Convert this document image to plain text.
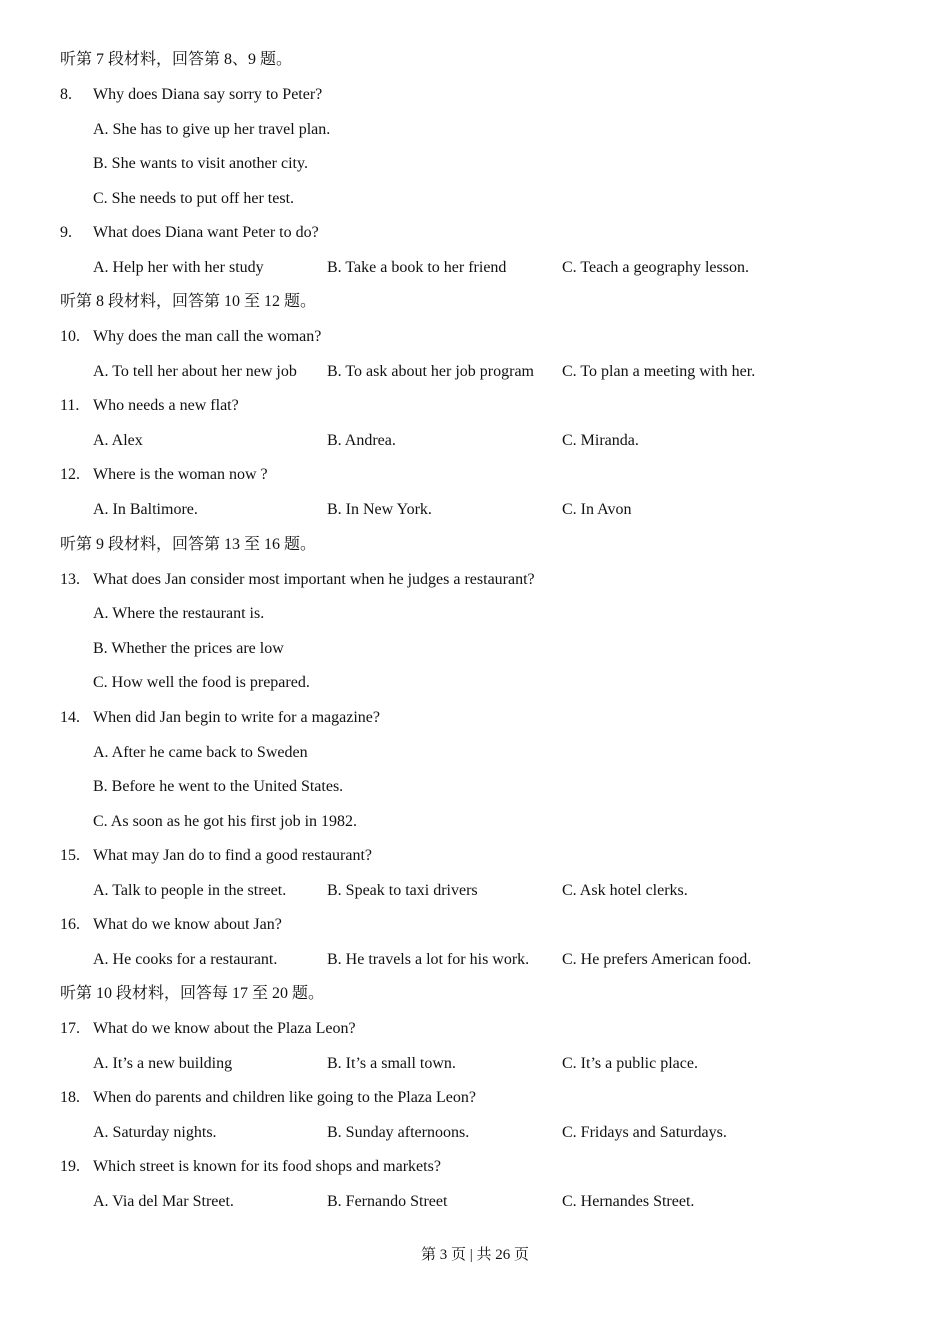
听第 7 段材料，回答第 8、9 题。
8. Why does Diana say sorry to Peter?
A. She has to give up her travel plan.
B. She wants to visit another city.
C. She needs to put off her test.
9. What does Diana want Peter to do?
A. Help her with her study	B. Take a book to her friend	C. Teach a geography lesson.
听第 8 段材料，回答第 10 至 12 题。
10. Why does the man call the woman?
A. To tell her about her new job B. To ask about her job program C. To plan a meeting with her.
11. Who needs a new flat?
A. Alex	B. Andrea.	C. Miranda.
12. Where is the woman now ?
A. In Baltimore.	B. In New York.	C. In Avon
听第 9 段材料，回答第 13 至 16 题。
13. What does Jan consider most important when he judges a restaurant?
A. Where the restaurant is.
B. Whether the prices are low
C. How well the food is prepared.
14. When did Jan begin to write for a magazine?
A. After he came back to Sweden
B. Before he went to the United States.
C. As soon as he got his first job in 1982.
15. What may Jan do to find a good restaurant?
A. Talk to people in the street.	B. Speak to taxi drivers	C. Ask hotel clerks.
16. What do we know about Jan?
A. He cooks for a restaurant.	B. He travels a lot for his work. C. He prefers American food.
听第 10 段材料，回答每 17 至 20 题。
17. What do we know about the Plaza Leon?
A. It’s a new building	B. It’s a small town.	C. It’s a public place.
18. When do parents and children like going to the Plaza Leon?
A. Saturday nights.	B. Sunday afternoons.	C. Fridays and Saturdays.
19. Which street is known for its food shops and markets?
A. Via del Mar Street.	B. Fernando Street	C. Hernandes Street.
第 3 页 | 共 26 页
